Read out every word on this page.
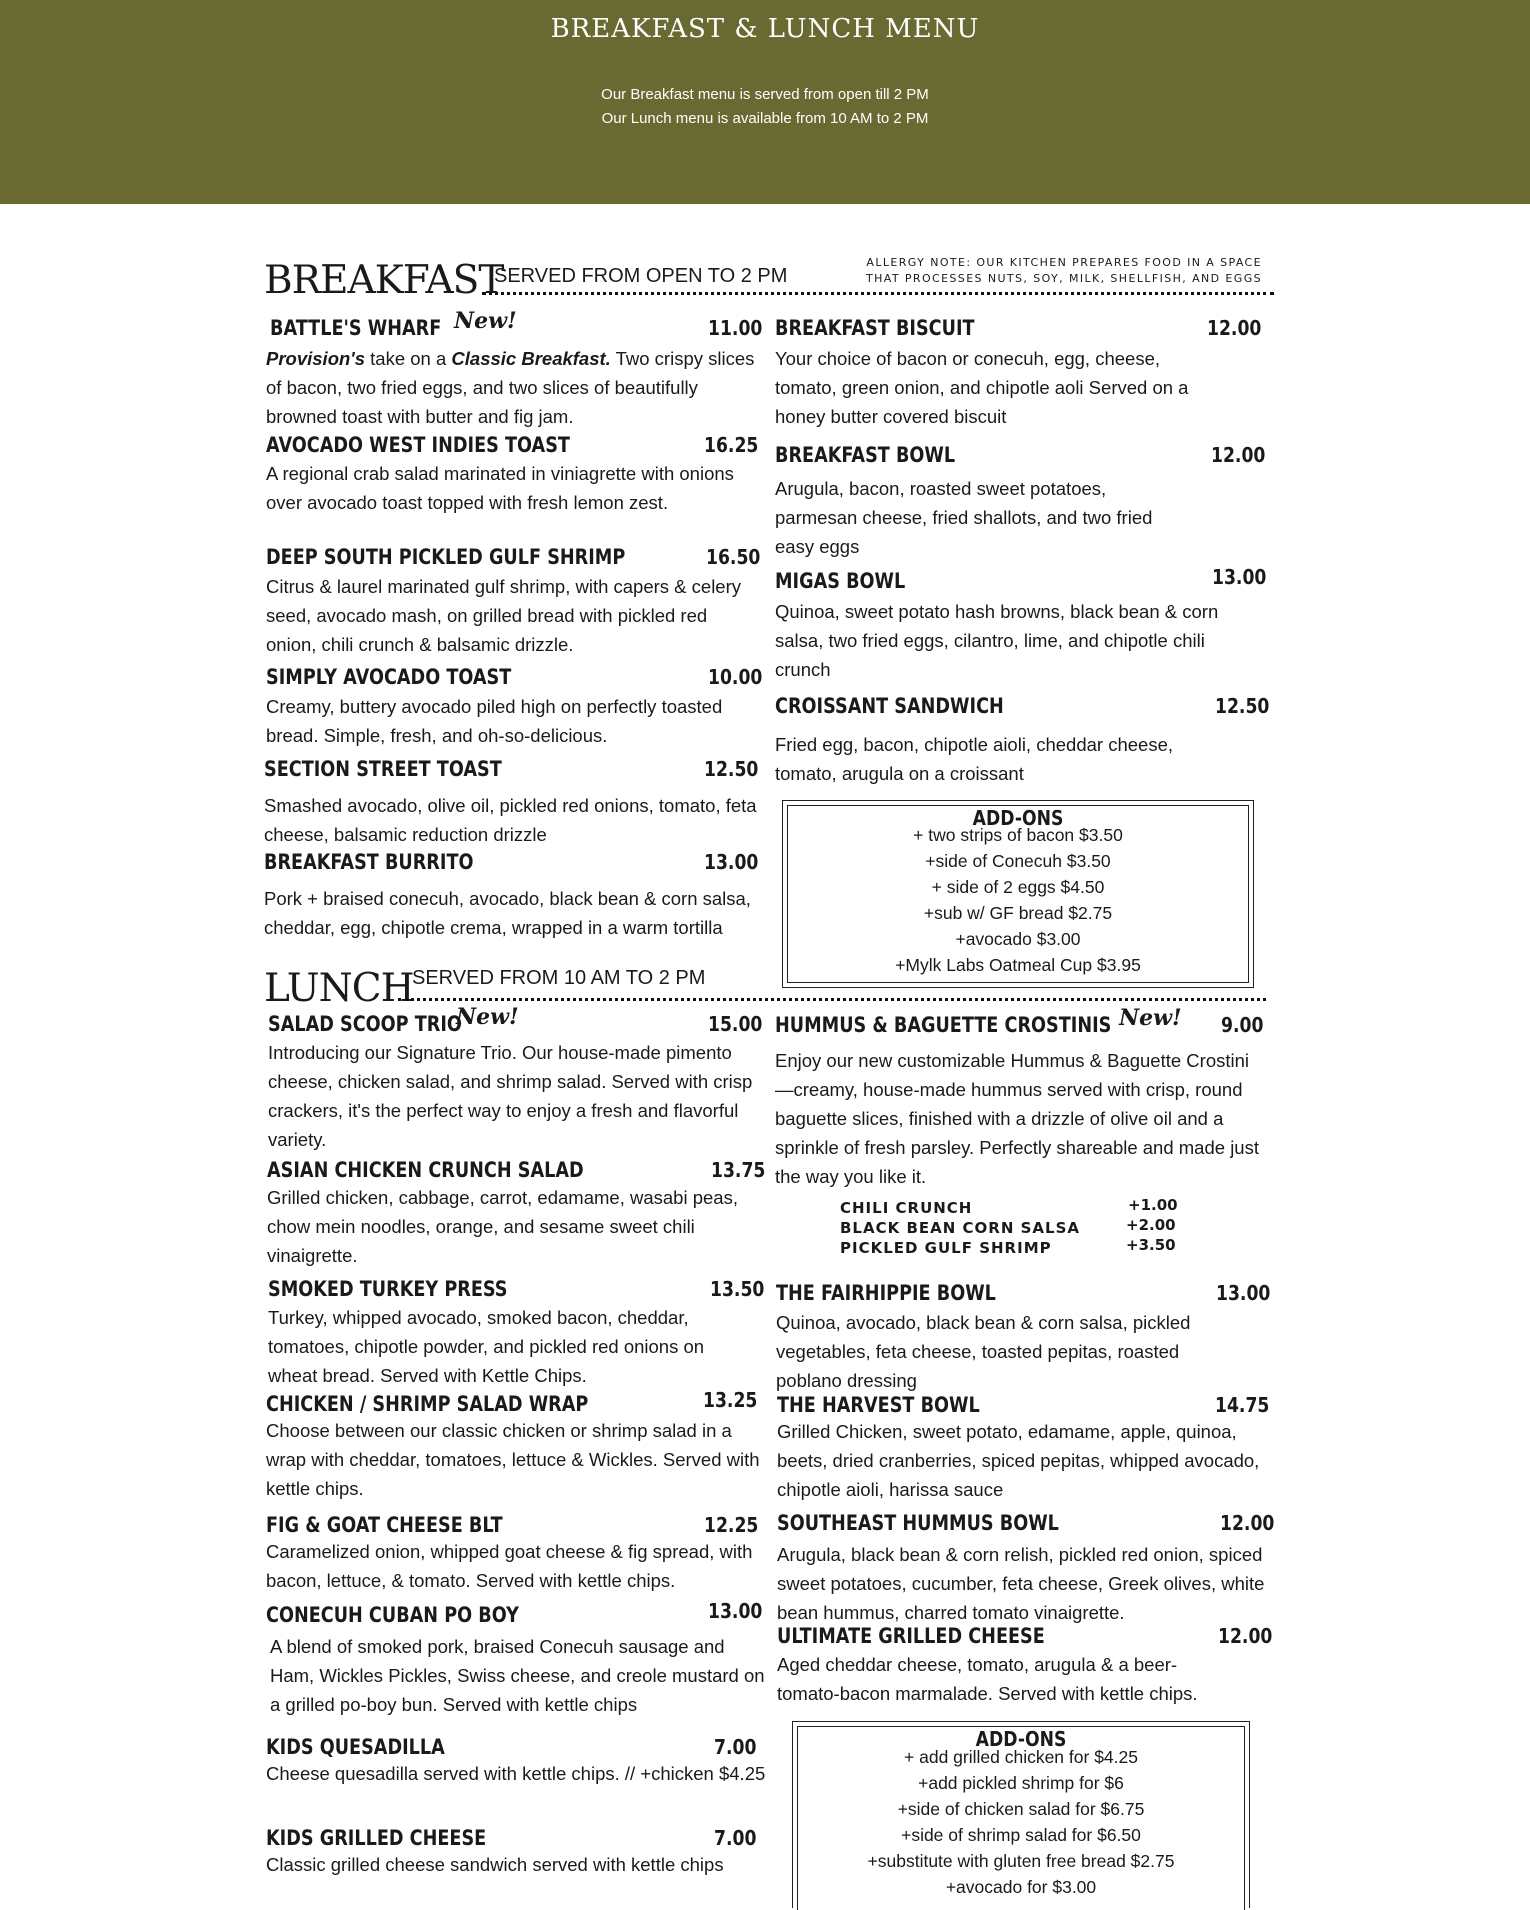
BREAKFAST & LUNCH MENU
Our Breakfast menu is served from open till 2 PM
Our Lunch menu is available from 10 AM to 2 PM
BREAKFAST
SERVED FROM OPEN TO 2 PM
ALLERGY NOTE: OUR KITCHEN PREPARES FOOD IN A SPACE
THAT PROCESSES NUTS, SOY, MILK, SHELLFISH, AND EGGS
BATTLE'S WHARF New!	11.00
Provision's take on a Classic Breakfast. Two crispy slices of bacon, two fried eggs, and two slices of beautifully browned toast with butter and fig jam.
AVOCADO WEST INDIES TOAST	16.25
A regional crab salad marinated in viniagrette with onions over avocado toast topped with fresh lemon zest.
DEEP SOUTH PICKLED GULF SHRIMP	16.50
Citrus & laurel marinated gulf shrimp, with capers & celery seed, avocado mash, on grilled bread with pickled red onion, chili crunch & balsamic drizzle.
SIMPLY AVOCADO TOAST	10.00
Creamy, buttery avocado piled high on perfectly toasted bread. Simple, fresh, and oh-so-delicious.
SECTION STREET TOAST	12.50
Smashed avocado, olive oil, pickled red onions, tomato, feta cheese, balsamic reduction drizzle
BREAKFAST BURRITO	13.00
Pork + braised conecuh, avocado, black bean & corn salsa, cheddar, egg, chipotle crema, wrapped in a warm tortilla
BREAKFAST BISCUIT	12.00
Your choice of bacon or conecuh, egg, cheese, tomato, green onion, and chipotle aoli Served on a honey butter covered biscuit
BREAKFAST BOWL	12.00
Arugula, bacon, roasted sweet potatoes, parmesan cheese, fried shallots, and two fried easy eggs
MIGAS BOWL	13.00
Quinoa, sweet potato hash browns, black bean & corn salsa, two fried eggs, cilantro, lime, and chipotle chili crunch
CROISSANT SANDWICH	12.50
Fried egg, bacon, chipotle aioli, cheddar cheese, tomato, arugula on a croissant
ADD-ONS
+ two strips of bacon $3.50
+side of Conecuh $3.50
+ side of 2 eggs $4.50
+sub w/ GF bread $2.75
+avocado $3.00
+Mylk Labs Oatmeal Cup $3.95
LUNCH
SERVED FROM 10 AM TO 2 PM
SALAD SCOOP TRIO
New!	15.00
Introducing our Signature Trio. Our house-made pimento cheese, chicken salad, and shrimp salad. Served with crisp crackers, it's the perfect way to enjoy a fresh and flavorful variety.
ASIAN CHICKEN CRUNCH SALAD	13.75
Grilled chicken, cabbage, carrot, edamame, wasabi peas, chow mein noodles, orange, and sesame sweet chili vinaigrette.
SMOKED TURKEY PRESS	13.50
Turkey, whipped avocado, smoked bacon, cheddar, tomatoes, chipotle powder, and pickled red onions on wheat bread. Served with Kettle Chips.
CHICKEN / SHRIMP SALAD WRAP	13.25
Choose between our classic chicken or shrimp salad in a wrap with cheddar, tomatoes, lettuce & Wickles. Served with kettle chips.
FIG & GOAT CHEESE BLT	12.25
Caramelized onion, whipped goat cheese & fig spread, with bacon, lettuce, & tomato. Served with kettle chips.
CONECUH CUBAN PO BOY	13.00
A blend of smoked pork, braised Conecuh sausage and Ham, Wickles Pickles, Swiss cheese, and creole mustard on a grilled po-boy bun. Served with kettle chips
KIDS QUESADILLA	7.00
Cheese quesadilla served with kettle chips. // +chicken $4.25
KIDS GRILLED CHEESE	7.00
Classic grilled cheese sandwich served with kettle chips
HUMMUS & BAGUETTE CROSTINIS New! 9.00
Enjoy our new customizable Hummus & Baguette Crostini—creamy, house-made hummus served with crisp, round baguette slices, finished with a drizzle of olive oil and a sprinkle of fresh parsley. Perfectly shareable and made just the way you like it.
CHILI CRUNCH	+1.00
BLACK BEAN CORN SALSA	+2.00
PICKLED GULF SHRIMP	+3.50
THE FAIRHIPPIE BOWL	13.00
Quinoa, avocado, black bean & corn salsa, pickled vegetables, feta cheese, toasted pepitas, roasted poblano dressing
THE HARVEST BOWL	14.75
Grilled Chicken, sweet potato, edamame, apple, quinoa, beets, dried cranberries, spiced pepitas, whipped avocado, chipotle aioli, harissa sauce
SOUTHEAST HUMMUS BOWL	12.00
Arugula, black bean & corn relish, pickled red onion, spiced sweet potatoes, cucumber, feta cheese, Greek olives, white bean hummus, charred tomato vinaigrette.
ULTIMATE GRILLED CHEESE	12.00
Aged cheddar cheese, tomato, arugula & a beer-tomato-bacon marmalade. Served with kettle chips.
ADD-ONS
+ add grilled chicken for $4.25
+add pickled shrimp for $6
+side of chicken salad for $6.75
+side of shrimp salad for $6.50
+substitute with gluten free bread $2.75
+avocado for $3.00
